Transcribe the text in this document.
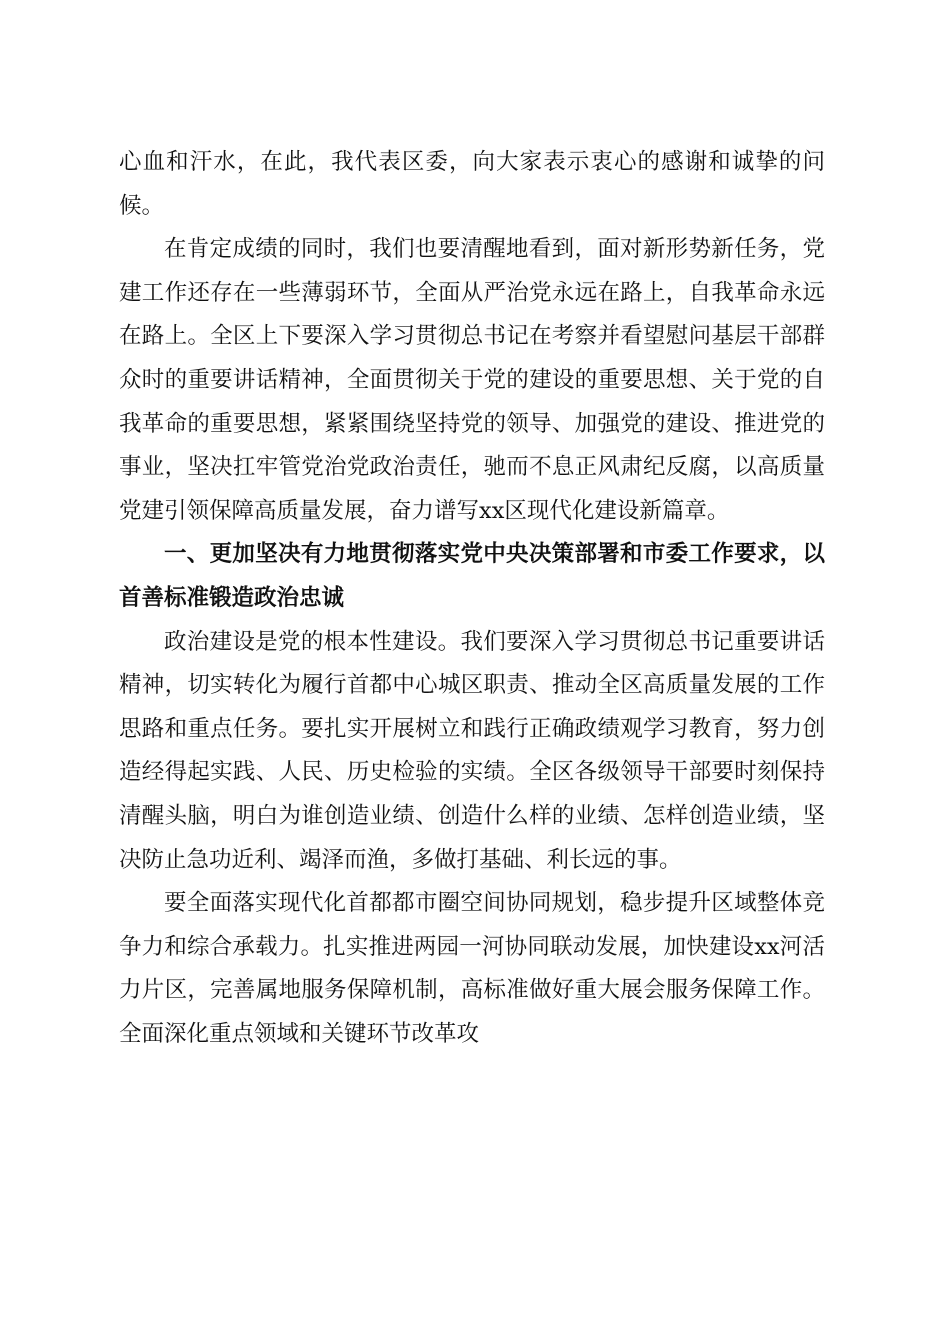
心血和汗水，在此，我代表区委，向大家表示衷心的感谢和诚挚的问候。

在肯定成绩的同时，我们也要清醒地看到，面对新形势新任务，党建工作还存在一些薄弱环节，全面从严治党永远在路上，自我革命永远在路上。全区上下要深入学习贯彻总书记在考察并看望慰问基层干部群众时的重要讲话精神，全面贯彻关于党的建设的重要思想、关于党的自我革命的重要思想，紧紧围绕坚持党的领导、加强党的建设、推进党的事业，坚决扛牢管党治党政治责任，驰而不息正风肃纪反腐，以高质量党建引领保障高质量发展，奋力谱写xx区现代化建设新篇章。

一、更加坚决有力地贯彻落实党中央决策部署和市委工作要求，以首善标准锻造政治忠诚

政治建设是党的根本性建设。我们要深入学习贯彻总书记重要讲话精神，切实转化为履行首都中心城区职责、推动全区高质量发展的工作思路和重点任务。要扎实开展树立和践行正确政绩观学习教育，努力创造经得起实践、人民、历史检验的实绩。全区各级领导干部要时刻保持清醒头脑，明白为谁创造业绩、创造什么样的业绩、怎样创造业绩，坚决防止急功近利、竭泽而渔，多做打基础、利长远的事。

要全面落实现代化首都都市圈空间协同规划，稳步提升区域整体竞争力和综合承载力。扎实推进两园一河协同联动发展，加快建设xx河活力片区，完善属地服务保障机制，高标准做好重大展会服务保障工作。全面深化重点领域和关键环节改革攻
